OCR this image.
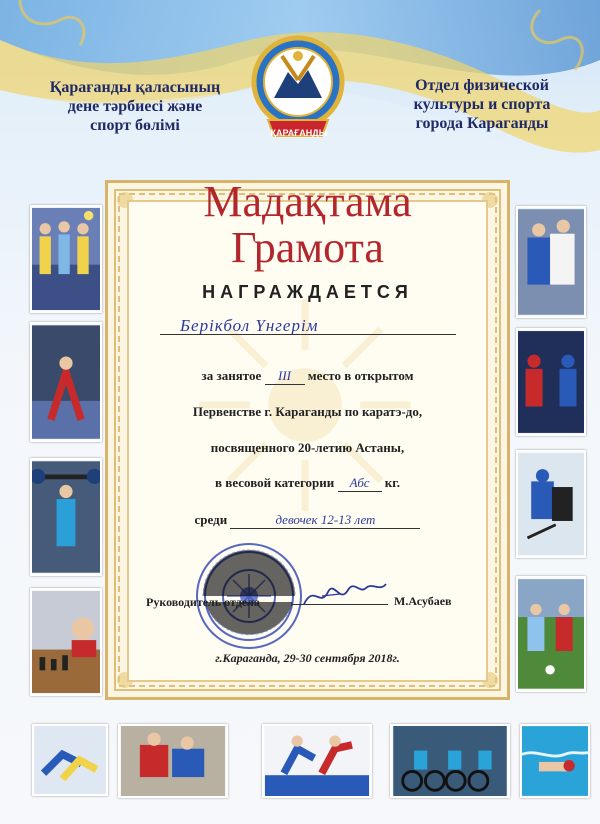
Қарағанды қаласының
дене тәрбиесі және
спорт бөлімі
Отдел физической
культуры и спорта
города Караганды
ҚАРАҒАНДЫ
Мадақтама
Грамота
НАГРАЖДАЕТСЯ
Берікбол Үнгерім
за занятое III место в открытом
Первенстве г. Караганды по каратэ-до,
посвященного 20-летию Астаны,
в весовой категории Абс кг.
среди	девочек 12-13 лет
Руководитель отдела	М.Асубаев
г.Караганда, 29-30 сентября 2018г.
